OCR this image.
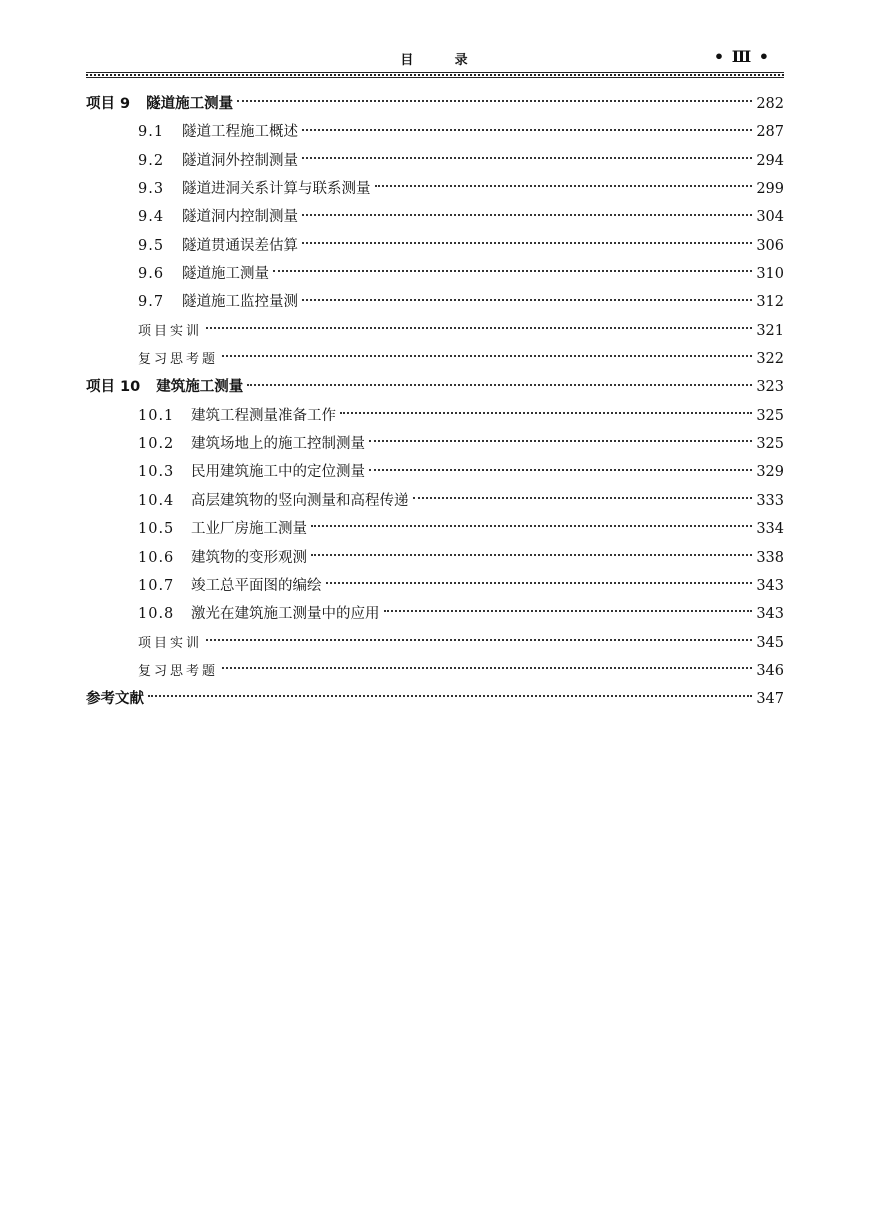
目      录	• Ⅲ •
项目 9 隧道施工测量	282
9.1	隧道工程施工概述	287
9.2	隧道洞外控制测量	294
9.3	隧道进洞关系计算与联系测量	299
9.4	隧道洞内控制测量	304
9.5	隧道贯通误差估算	306
9.6	隧道施工测量	310
9.7	隧道施工监控量测	312
项目实训	321
复习思考题	322
项目 10 建筑施工测量	323
10.1	建筑工程测量准备工作	325
10.2	建筑场地上的施工控制测量	325
10.3	民用建筑施工中的定位测量	329
10.4	高层建筑物的竖向测量和高程传递	333
10.5	工业厂房施工测量	334
10.6	建筑物的变形观测	338
10.7	竣工总平面图的编绘	343
10.8	激光在建筑施工测量中的应用	343
项目实训	345
复习思考题	346
参考文献	347
